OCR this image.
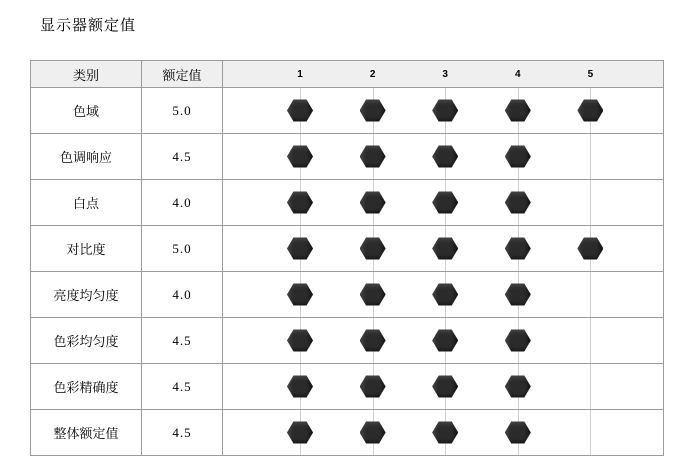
显示器额定值
类别	额定值	1 2 3 4 5

色域	5.0	

色调响应	4.5	

白点	4.0	

对比度	5.0	

亮度均匀度	4.0	

色彩均匀度	4.5	

色彩精确度	4.5	

整体额定值	4.5	
